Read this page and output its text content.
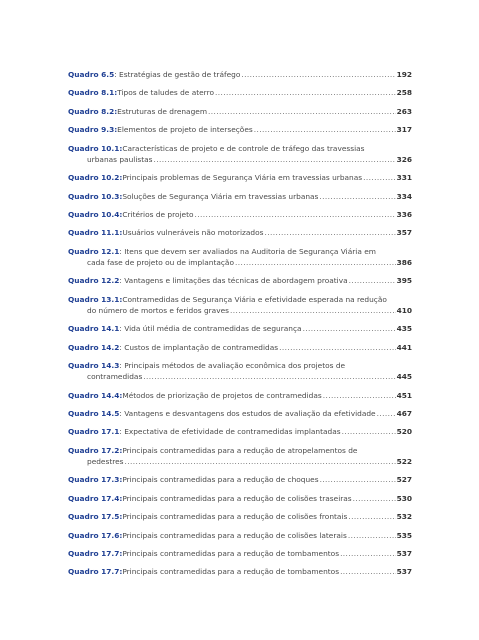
Quadro 6.5 : Estratégias de gestão de tráfego .....	192
Quadro 8.1: Tipos de taludes de aterro .....	258
Quadro 8.2: Estruturas de drenagem .....	263
Quadro 9.3: Elementos de projeto de interseções .....	317
Quadro 10.1: Características de projeto e de controle de tráfego das travessias
urbanas paulistas .....	326
Quadro 10.2: Principais problemas de Segurança Viária em travessias urbanas .....	331
Quadro 10.3: Soluções de Segurança Viária em travessias urbanas .....	334
Quadro 10.4: Critérios de projeto .....	336
Quadro 11.1: Usuários vulneráveis não motorizados .....	357
Quadro 12.1 : Itens que devem ser avaliados na Auditoria de Segurança Viária em
cada fase de projeto ou de implantação .....	386
Quadro 12.2 : Vantagens e limitações das técnicas de abordagem proativa .....	395
Quadro 13.1: Contramedidas de Segurança Viária e efetividade esperada na redução
do número de mortos e feridos graves .....	410
Quadro 14.1 : Vida útil média de contramedidas de segurança .....	435
Quadro 14.2 : Custos de implantação de contramedidas .....	441
Quadro 14.3 : Principais métodos de avaliação econômica dos projetos de
contramedidas .....	445
Quadro 14.4: Métodos de priorização de projetos de contramedidas .....	451
Quadro 14.5 : Vantagens e desvantagens dos estudos de avaliação da efetividade .....	467
Quadro 17.1 : Expectativa de efetividade de contramedidas implantadas .....	520
Quadro 17.2: Principais contramedidas para a redução de atropelamentos de
pedestres .....	522
Quadro 17.3: Principais contramedidas para a redução de choques .....	527
Quadro 17.4: Principais contramedidas para a redução de colisões traseiras .....	530
Quadro 17.5: Principais contramedidas para a redução de colisões frontais .....	532
Quadro 17.6: Principais contramedidas para a redução de colisões laterais .....	535
Quadro 17.7: Principais contramedidas para a redução de tombamentos .....	537
Quadro 17.7: Principais contramedidas para a redução de tombamentos .....	537
